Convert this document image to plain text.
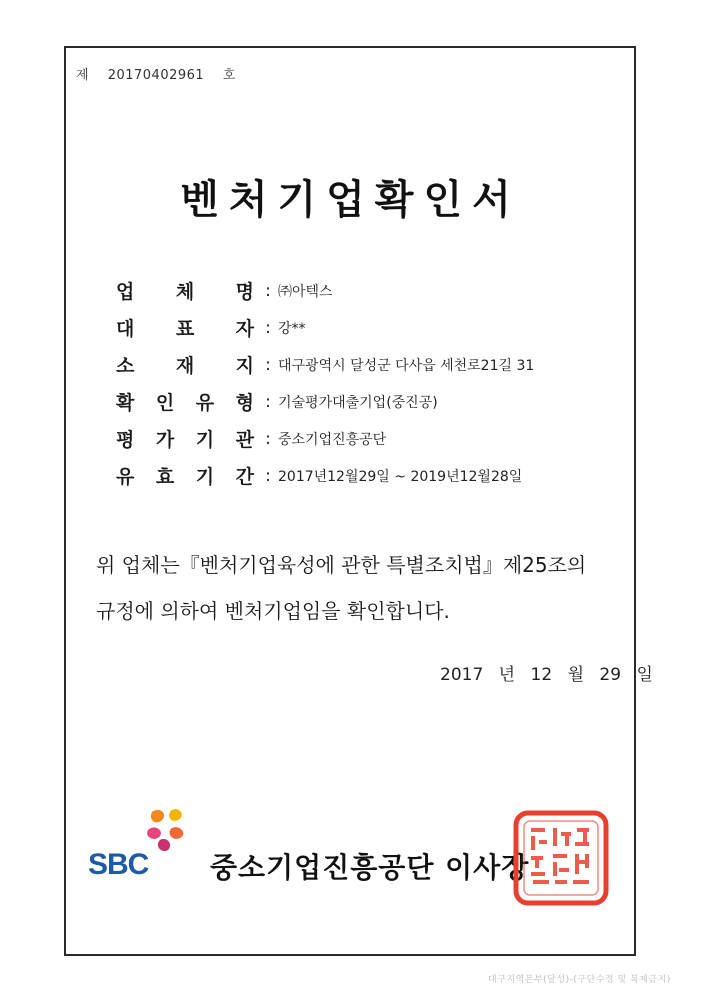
제 20170402961 호
벤처기업확인서
업 체 명 : ㈜아텍스
대 표 자 : 강**
소 재 지 : 대구광역시 달성군 다사읍 세천로21길 31
확 인 유 형 : 기술평가대출기업(중진공)
평 가 기 관 : 중소기업진흥공단
유 효 기 간 : 2017년12월29일 ~ 2019년12월28일
위 업체는『벤처기업육성에 관한 특별조치법』제25조의
규정에 의하여 벤처기업임을 확인합니다.
2017 년 12 월 29 일
SBC 중소기업진흥공단 이사장
대구지역본부(달성)-(구단수정 및 복제금지)
